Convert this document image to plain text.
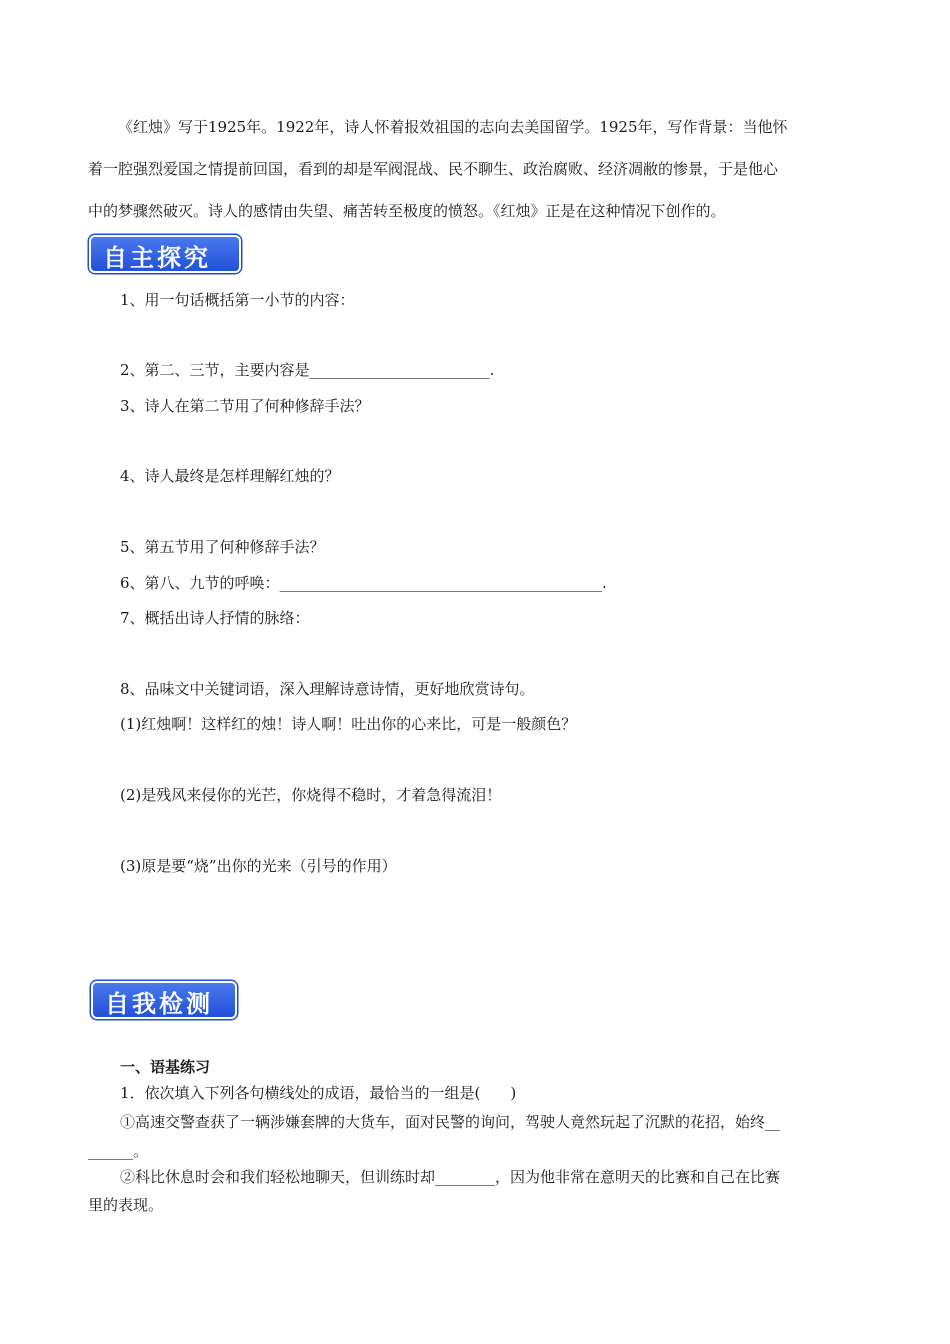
《红烛》写于1925年。1922年，诗人怀着报效祖国的志向去美国留学。1925年，写作背景：当他怀
着一腔强烈爱国之情提前回国，看到的却是军阀混战、民不聊生、政治腐败、经济凋敝的惨景，于是他心
中的梦骤然破灭。诗人的感情由失望、痛苦转至极度的愤怒。《红烛》正是在这种情况下创作的。
自主探究
1、用一句话概括第一小节的内容：
2、第二、三节，主要内容是________________________.
3、诗人在第二节用了何种修辞手法？
4、诗人最终是怎样理解红烛的？
5、第五节用了何种修辞手法？
6、第八、九节的呼唤：___________________________________________.
7、概括出诗人抒情的脉络：
8、品味文中关键词语，深入理解诗意诗情，更好地欣赏诗句。
(1)红烛啊！这样红的烛！诗人啊！吐出你的心来比，可是一般颜色？
(2)是残风来侵你的光芒，你烧得不稳时，才着急得流泪！
(3)原是要“烧”出你的光来（引号的作用）
自我检测
一、语基练习
1．依次填入下列各句横线处的成语，最恰当的一组是(　　)
①高速交警查获了一辆涉嫌套牌的大货车，面对民警的询问，驾驶人竟然玩起了沉默的花招，始终__
______。
②科比休息时会和我们轻松地聊天，但训练时却________，因为他非常在意明天的比赛和自己在比赛
里的表现。
